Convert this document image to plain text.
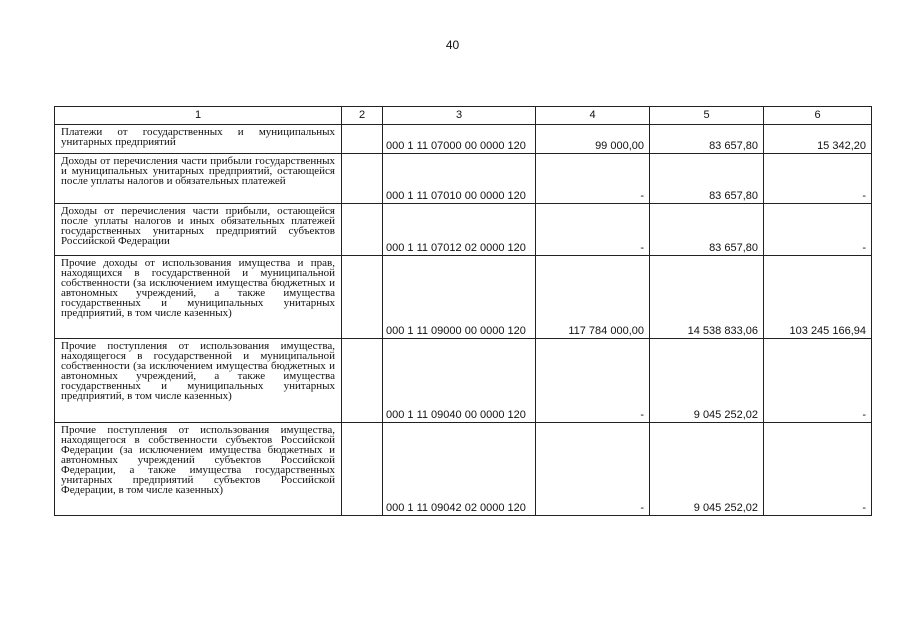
40
1	2	3	4	5	6
Платежи от государственных и муниципальных унитарных предприятий		000 1 11 07000 00 0000 120	99 000,00	83 657,80	15 342,20
Доходы от перечисления части прибыли государственных и муниципальных унитарных предприятий, остающейся после уплаты налогов и обязательных платежей		000 1 11 07010 00 0000 120	-	83 657,80	-
Доходы от перечисления части прибыли, остающейся после уплаты налогов и иных обязательных платежей государственных унитарных предприятий субъектов Российской Федерации		000 1 11 07012 02 0000 120	-	83 657,80	-
Прочие доходы от использования имущества и прав, находящихся в государственной и муниципальной собственности (за исключением имущества бюджетных и автономных учреждений, а также имущества государственных и муниципальных унитарных предприятий, в том числе казенных)		000 1 11 09000 00 0000 120	117 784 000,00	14 538 833,06	103 245 166,94
Прочие поступления от использования имущества, находящегося в государственной и муниципальной собственности (за исключением имущества бюджетных и автономных учреждений, а также имущества государственных и муниципальных унитарных предприятий, в том числе казенных)		000 1 11 09040 00 0000 120	-	9 045 252,02	-
Прочие поступления от использования имущества, находящегося в собственности субъектов Российской Федерации (за исключением имущества бюджетных и автономных учреждений субъектов Российской Федерации, а также имущества государственных унитарных предприятий субъектов Российской Федерации, в том числе казенных)		000 1 11 09042 02 0000 120	-	9 045 252,02	-
